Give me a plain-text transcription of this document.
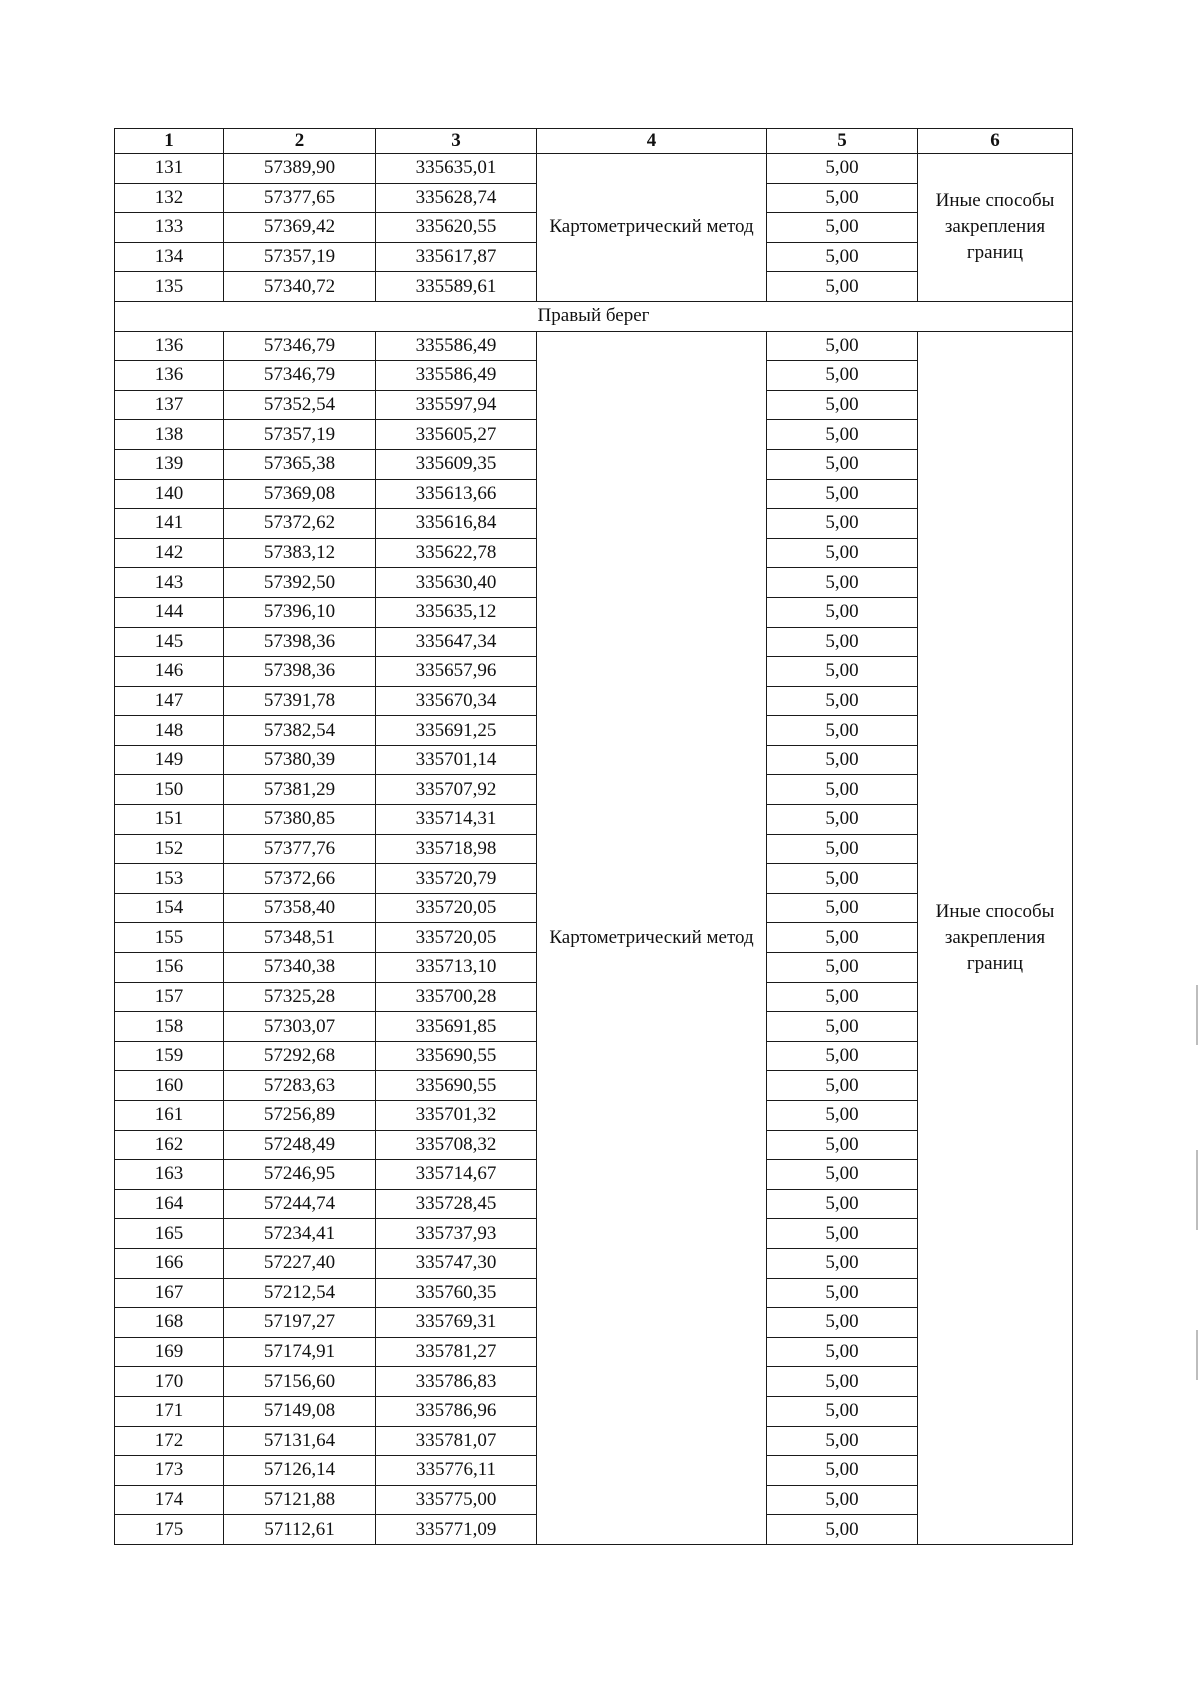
1	2	3	4	5	6
131	57389,90	335635,01	Картометрический метод	5,00	Иные способы закрепления границ
132	57377,65	335628,74		5,00	
133	57369,42	335620,55		5,00	
134	57357,19	335617,87		5,00	
135	57340,72	335589,61		5,00	
Правый берег					
136	57346,79	335586,49	Картометрический метод	5,00	Иные способы закрепления границ
136	57346,79	335586,49		5,00	
137	57352,54	335597,94		5,00	
138	57357,19	335605,27		5,00	
139	57365,38	335609,35		5,00	
140	57369,08	335613,66		5,00	
141	57372,62	335616,84		5,00	
142	57383,12	335622,78		5,00	
143	57392,50	335630,40		5,00	
144	57396,10	335635,12		5,00	
145	57398,36	335647,34		5,00	
146	57398,36	335657,96		5,00	
147	57391,78	335670,34		5,00	
148	57382,54	335691,25		5,00	
149	57380,39	335701,14		5,00	
150	57381,29	335707,92		5,00	
151	57380,85	335714,31		5,00	
152	57377,76	335718,98		5,00	
153	57372,66	335720,79		5,00	
154	57358,40	335720,05		5,00	
155	57348,51	335720,05		5,00	
156	57340,38	335713,10		5,00	
157	57325,28	335700,28		5,00	
158	57303,07	335691,85		5,00	
159	57292,68	335690,55		5,00	
160	57283,63	335690,55		5,00	
161	57256,89	335701,32		5,00	
162	57248,49	335708,32		5,00	
163	57246,95	335714,67		5,00	
164	57244,74	335728,45		5,00	
165	57234,41	335737,93		5,00	
166	57227,40	335747,30		5,00	
167	57212,54	335760,35		5,00	
168	57197,27	335769,31		5,00	
169	57174,91	335781,27		5,00	
170	57156,60	335786,83		5,00	
171	57149,08	335786,96		5,00	
172	57131,64	335781,07		5,00	
173	57126,14	335776,11		5,00	
174	57121,88	335775,00		5,00	
175	57112,61	335771,09		5,00	
